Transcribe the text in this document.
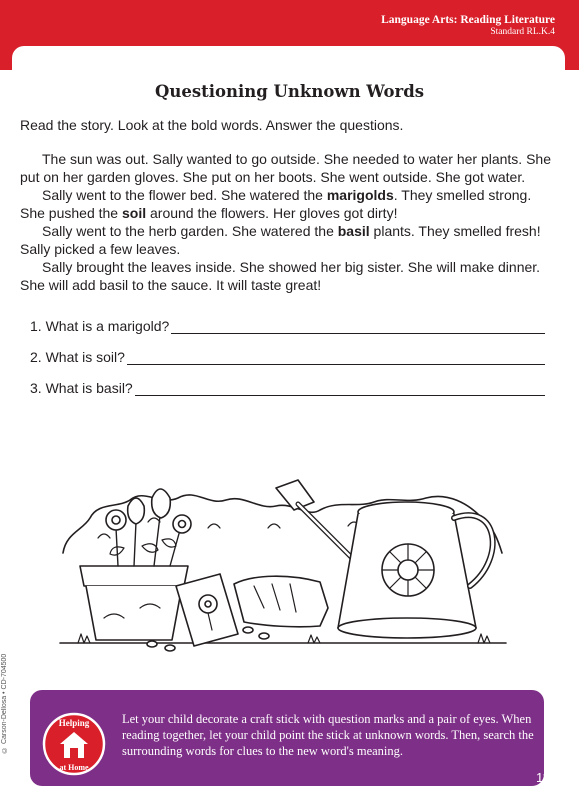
Language Arts: Reading Literature
Standard RL.K.4
Questioning Unknown Words
Read the story. Look at the bold words. Answer the questions.

The sun was out. Sally wanted to go outside. She needed to water her plants. She put on her garden gloves. She put on her boots. She went outside. She got water.

Sally went to the flower bed. She watered the marigolds. They smelled strong. She pushed the soil around the flowers. Her gloves got dirty!

Sally went to the herb garden. She watered the basil plants. They smelled fresh! Sally picked a few leaves.

Sally brought the leaves inside. She showed her big sister. She will make dinner. She will add basil to the sauce. It will taste great!

1. What is a marigold?
2. What is soil?
3. What is basil?
© Carson-Dellosa • CD-704500	Helping
at Home
Let your child decorate a craft stick with question marks and a pair of eyes. When reading together, let your child point the stick at unknown words. Then, search the surrounding words for clues to the new word's meaning.
11
